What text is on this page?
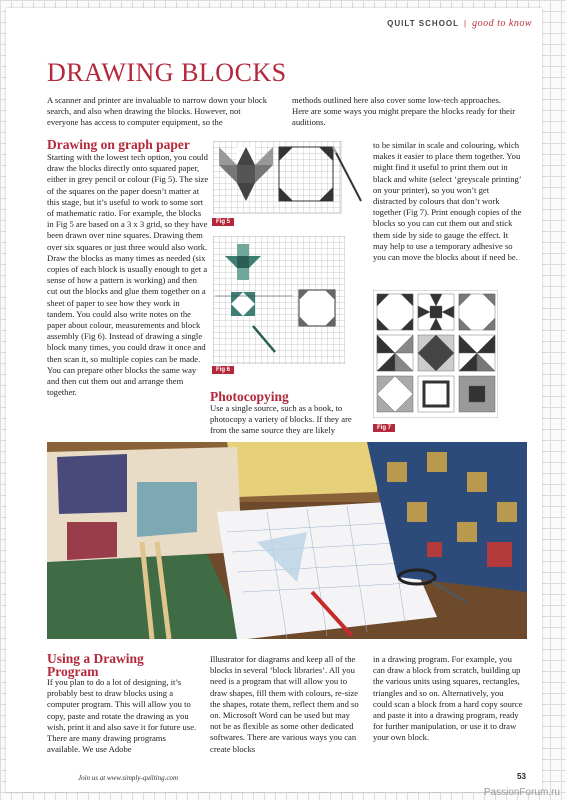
QUILT SCHOOL | good to know
DRAWING BLOCKS
A scanner and printer are invaluable to narrow down your block search, and also when drawing the blocks. However, not everyone has access to computer equipment, so the
methods outlined here also cover some low-tech approaches. Here are some ways you might prepare the blocks ready for their auditions.
Drawing on graph paper
Starting with the lowest tech option, you could draw the blocks directly onto squared paper, either in grey pencil or colour (Fig 5). The size of the squares on the paper doesn’t matter at this stage, but it’s useful to work to some sort of mathematic ratio. For example, the blocks in Fig 5 are based on a 3 x 3 grid, so they have been drawn over nine squares. Drawing them over six squares or just three would also work. Draw the blocks as many times as needed (six copies of each block is usually enough to get a sense of how a pattern is working) and then cut out the blocks and glue them together on a sheet of paper to see how they work in tandem. You could also write notes on the paper about colour, measurements and block assembly (Fig 6). Instead of drawing a single block many times, you could draw it once and then scan it, so multiple copies can be made. You can prepare other blocks the same way and then cut them out and arrange them together.
Fig 5
Fig 6
Photocopying
Use a single source, such as a book, to photocopy a variety of blocks. If they are from the same source they are likely
to be similar in scale and colouring, which makes it easier to place them together. You might find it useful to print them out in black and white (select ‘greyscale printing’ on your printer), so you won’t get distracted by colours that don’t work together (Fig 7). Print enough copies of the blocks so you can cut them out and stick them side by side to gauge the effect. It may help to use a temporary adhesive so you can move the blocks about if need be.
Fig 7
Using a Drawing Program
If you plan to do a lot of designing, it’s probably best to draw blocks using a computer program. This will allow you to copy, paste and rotate the drawing as you wish, print it and also save it for future use. There are many drawing programs available. We use Adobe
Illustrator for diagrams and keep all of the blocks in several ‘block libraries’. All you need is a program that will allow you to draw shapes, fill them with colours, re-size the shapes, rotate them, reflect them and so on. Microsoft Word can be used but may not be as flexible as some other dedicated softwares. There are various ways you can create blocks
in a drawing program. For example, you can draw a block from scratch, building up the various units using squares, rectangles, triangles and so on. Alternatively, you could scan a block from a hard copy source and paste it into a drawing program, ready for further manipulation, or use it to draw your own block.
Join us at www.simply-quilting.com	53
PassionForum.ru
